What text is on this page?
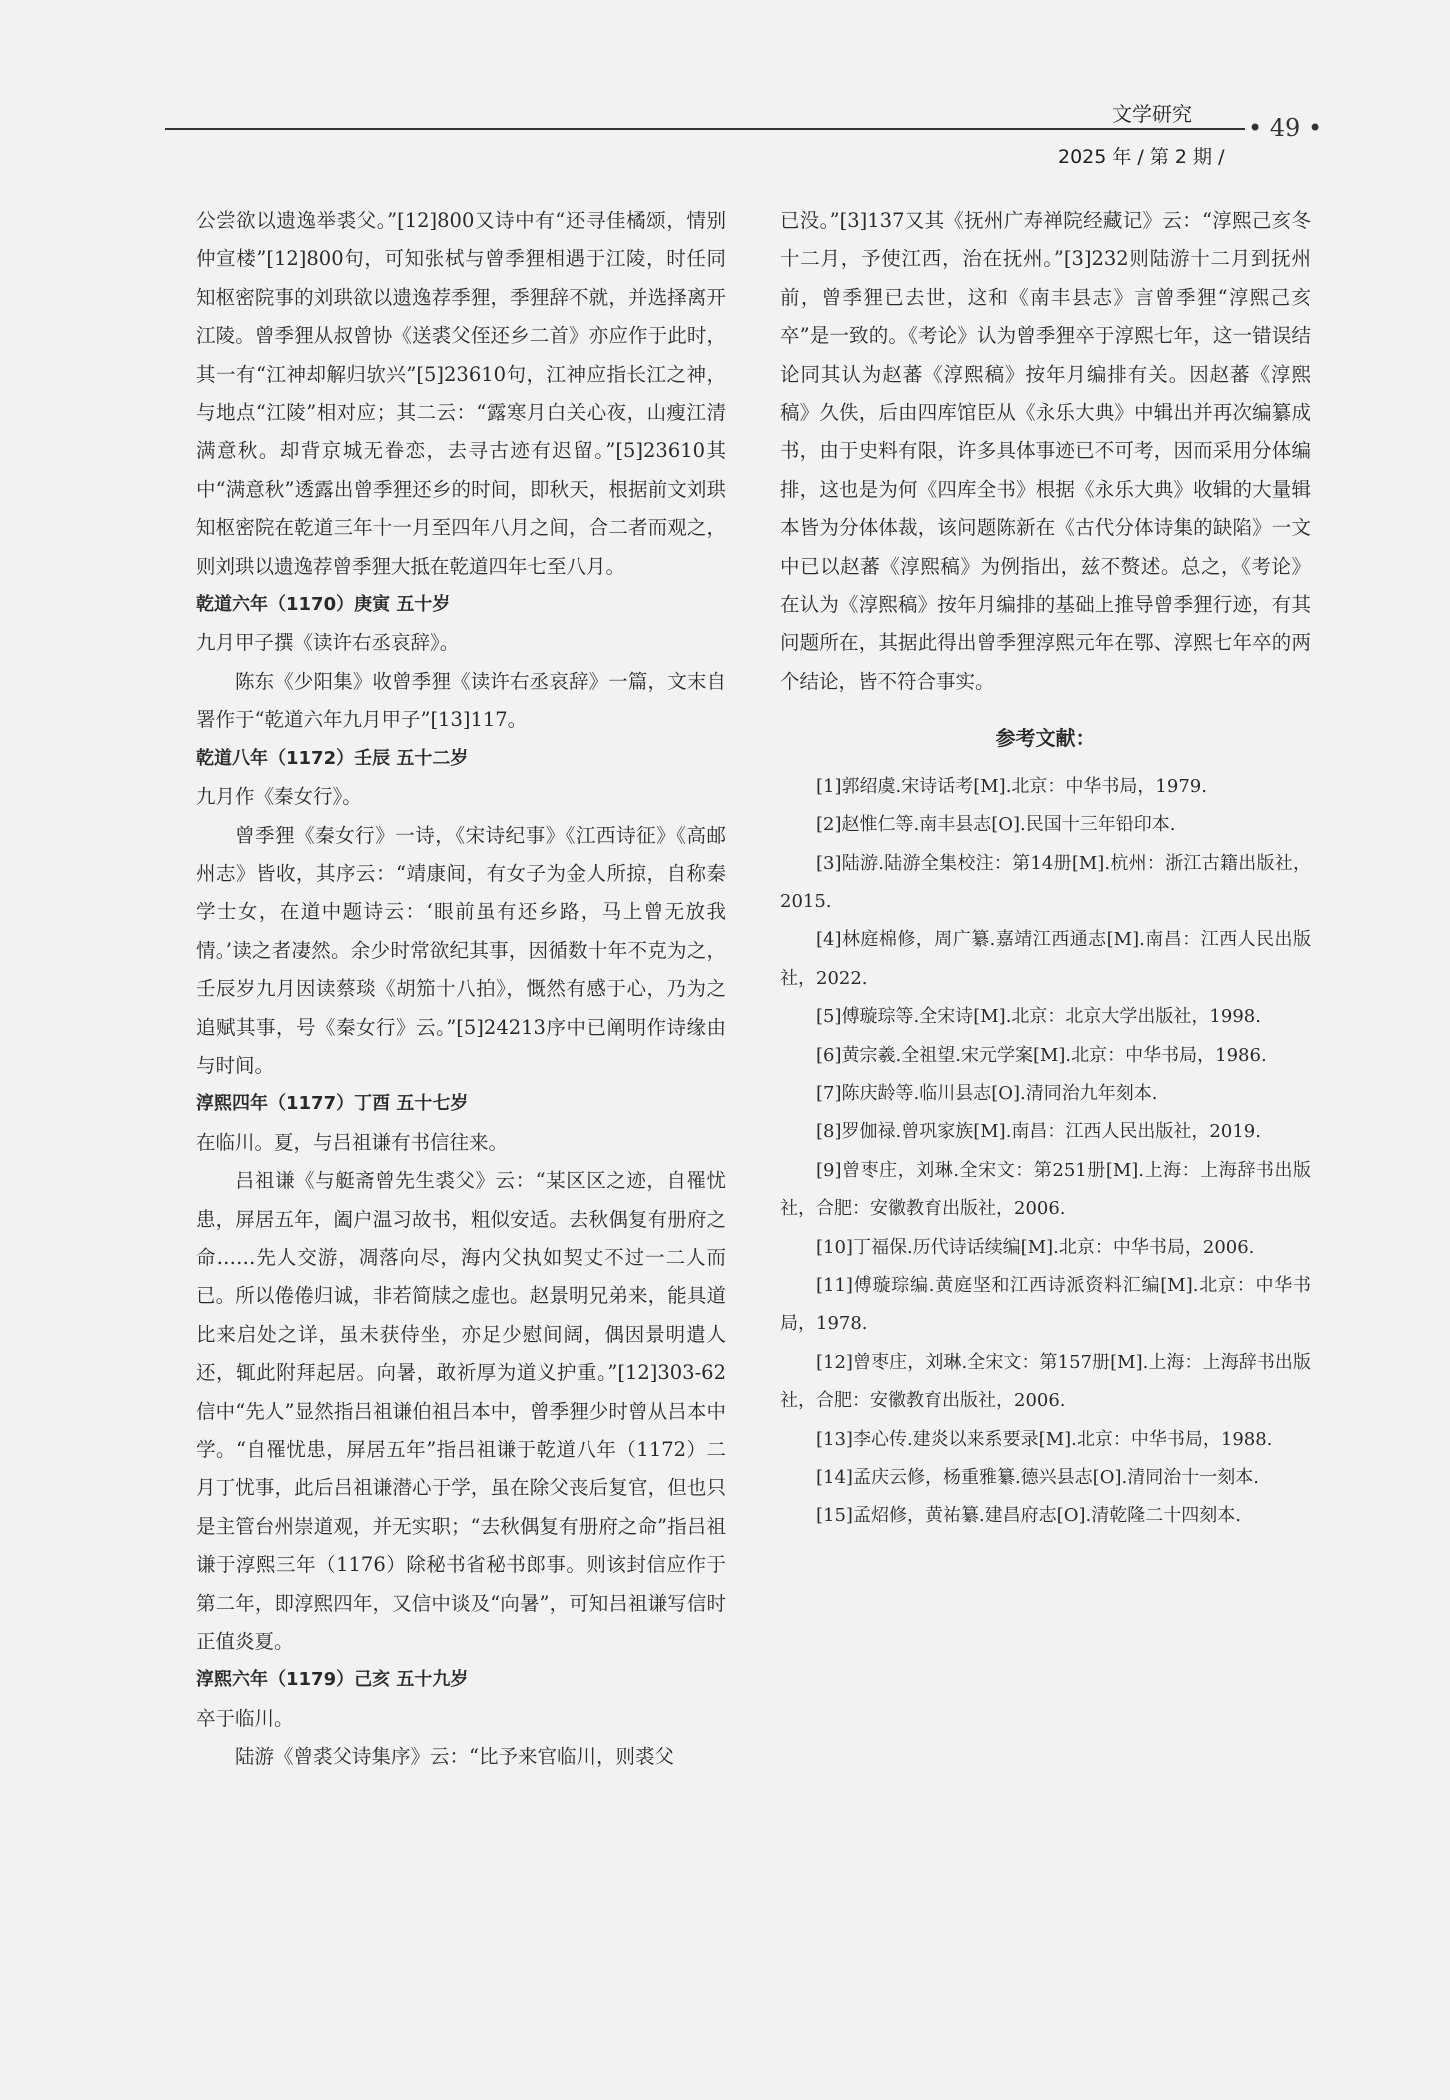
文学研究 • 49 •
2025 年 / 第 2 期 /

公尝欲以遗逸举裘父。”[12]800又诗中有“还寻佳橘颂，情别仲宣楼”[12]800句，可知张栻与曾季狸相遇于江陵，时任同知枢密院事的刘珙欲以遗逸荐季狸，季狸辞不就，并选择离开江陵。曾季狸从叔曾协《送裘父侄还乡二首》亦应作于此时，其一有“江神却解归欤兴”[5]23610句，江神应指长江之神，与地点“江陵”相对应；其二云：“露寒月白关心夜，山瘦江清满意秋。却背京城无眷恋，去寻古迹有迟留。”[5]23610其中“满意秋”透露出曾季狸还乡的时间，即秋天，根据前文刘珙知枢密院在乾道三年十一月至四年八月之间，合二者而观之，则刘珙以遗逸荐曾季狸大抵在乾道四年七至八月。

乾道六年（1170）庚寅 五十岁

九月甲子撰《读许右丞哀辞》。

陈东《少阳集》收曾季狸《读许右丞哀辞》一篇，文末自署作于“乾道六年九月甲子”[13]117。

乾道八年（1172）壬辰 五十二岁

九月作《秦女行》。

曾季狸《秦女行》一诗，《宋诗纪事》《江西诗征》《高邮州志》皆收，其序云：“靖康间，有女子为金人所掠，自称秦学士女，在道中题诗云：‘眼前虽有还乡路，马上曾无放我情。’读之者凄然。余少时常欲纪其事，因循数十年不克为之，壬辰岁九月因读蔡琰《胡笳十八拍》，慨然有感于心，乃为之追赋其事，号《秦女行》云。”[5]24213序中已阐明作诗缘由与时间。

淳熙四年（1177）丁酉 五十七岁

在临川。夏，与吕祖谦有书信往来。

吕祖谦《与艇斋曾先生裘父》云：“某区区之迹，自罹忧患，屏居五年，阖户温习故书，粗似安适。去秋偶复有册府之命……先人交游，凋落向尽，海内父执如契丈不过一二人而已。所以倦倦归诚，非若简牍之虚也。赵景明兄弟来，能具道比来启处之详，虽未获侍坐，亦足少慰间阔，偶因景明遣人还，辄此附拜起居。向暑，敢祈厚为道义护重。”[12]303-62信中“先人”显然指吕祖谦伯祖吕本中，曾季狸少时曾从吕本中学。“自罹忧患，屏居五年”指吕祖谦于乾道八年（1172）二月丁忧事，此后吕祖谦潜心于学，虽在除父丧后复官，但也只是主管台州崇道观，并无实职；“去秋偶复有册府之命”指吕祖谦于淳熙三年（1176）除秘书省秘书郎事。则该封信应作于第二年，即淳熙四年，又信中谈及“向暑”，可知吕祖谦写信时正值炎夏。

淳熙六年（1179）己亥 五十九岁

卒于临川。

陆游《曾裘父诗集序》云：“比予来官临川，则裘父

已没。”[3]137又其《抚州广寿禅院经藏记》云：“淳熙己亥冬十二月，予使江西，治在抚州。”[3]232则陆游十二月到抚州前，曾季狸已去世，这和《南丰县志》言曾季狸“淳熙己亥卒”是一致的。《考论》认为曾季狸卒于淳熙七年，这一错误结论同其认为赵蕃《淳熙稿》按年月编排有关。因赵蕃《淳熙稿》久佚，后由四库馆臣从《永乐大典》中辑出并再次编纂成书，由于史料有限，许多具体事迹已不可考，因而采用分体编排，这也是为何《四库全书》根据《永乐大典》收辑的大量辑本皆为分体体裁，该问题陈新在《古代分体诗集的缺陷》一文中已以赵蕃《淳熙稿》为例指出，兹不赘述。总之，《考论》在认为《淳熙稿》按年月编排的基础上推导曾季狸行迹，有其问题所在，其据此得出曾季狸淳熙元年在鄂、淳熙七年卒的两个结论，皆不符合事实。

参考文献：

[1]郭绍虞.宋诗话考[M].北京：中华书局，1979.

[2]赵惟仁等.南丰县志[O].民国十三年铅印本.

[3]陆游.陆游全集校注：第14册[M].杭州：浙江古籍出版社，2015.

[4]林庭棉修，周广纂.嘉靖江西通志[M].南昌：江西人民出版社，2022.

[5]傅璇琮等.全宋诗[M].北京：北京大学出版社，1998.

[6]黄宗羲.全祖望.宋元学案[M].北京：中华书局，1986.

[7]陈庆龄等.临川县志[O].清同治九年刻本.

[8]罗伽禄.曾巩家族[M].南昌：江西人民出版社，2019.

[9]曾枣庄，刘琳.全宋文：第251册[M].上海：上海辞书出版社，合肥：安徽教育出版社，2006.

[10]丁福保.历代诗话续编[M].北京：中华书局，2006.

[11]傅璇琮编.黄庭坚和江西诗派资料汇编[M].北京：中华书局，1978.

[12]曾枣庄，刘琳.全宋文：第157册[M].上海：上海辞书出版社，合肥：安徽教育出版社，2006.

[13]李心传.建炎以来系要录[M].北京：中华书局，1988.

[14]孟庆云修，杨重雅纂.德兴县志[O].清同治十一刻本.

[15]孟炤修，黄祐纂.建昌府志[O].清乾隆二十四刻本.
